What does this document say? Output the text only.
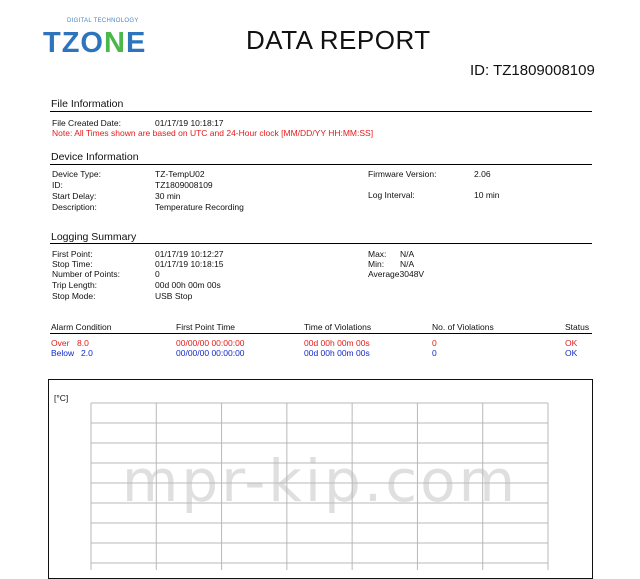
DIGITAL TECHNOLOGY
TZONE	DATA REPORT
ID: TZ1809008109
File Information
File Created Date:	01/17/19 10:18:17
Note: All Times shown are based on UTC and 24-Hour clock [MM/DD/YY HH:MM:SS]
Device Information
Device Type:	TZ-TempU02
ID:	TZ1809008109
Start Delay:	30 min
Description:	Temperature Recording
Firmware Version:	2.06
Log Interval:	10 min
Logging Summary
First Point:	01/17/19 10:12:27
Stop Time:	01/17/19 10:18:15
Number of Points:	0
Trip Length:	00d 00h 00m 00s
Stop Mode:	USB Stop
Max: N/A
Min: N/A
Average3048V
Alarm Condition	First Point Time	Time of Violations	No. of Violations	Status
Over 8.0	00/00/00 00:00:00	00d 00h 00m 00s	0	OK
Below 2.0	00/00/00 00:00:00	00d 00h 00m 00s	0	OK
[°C]
mpr-kip.com
